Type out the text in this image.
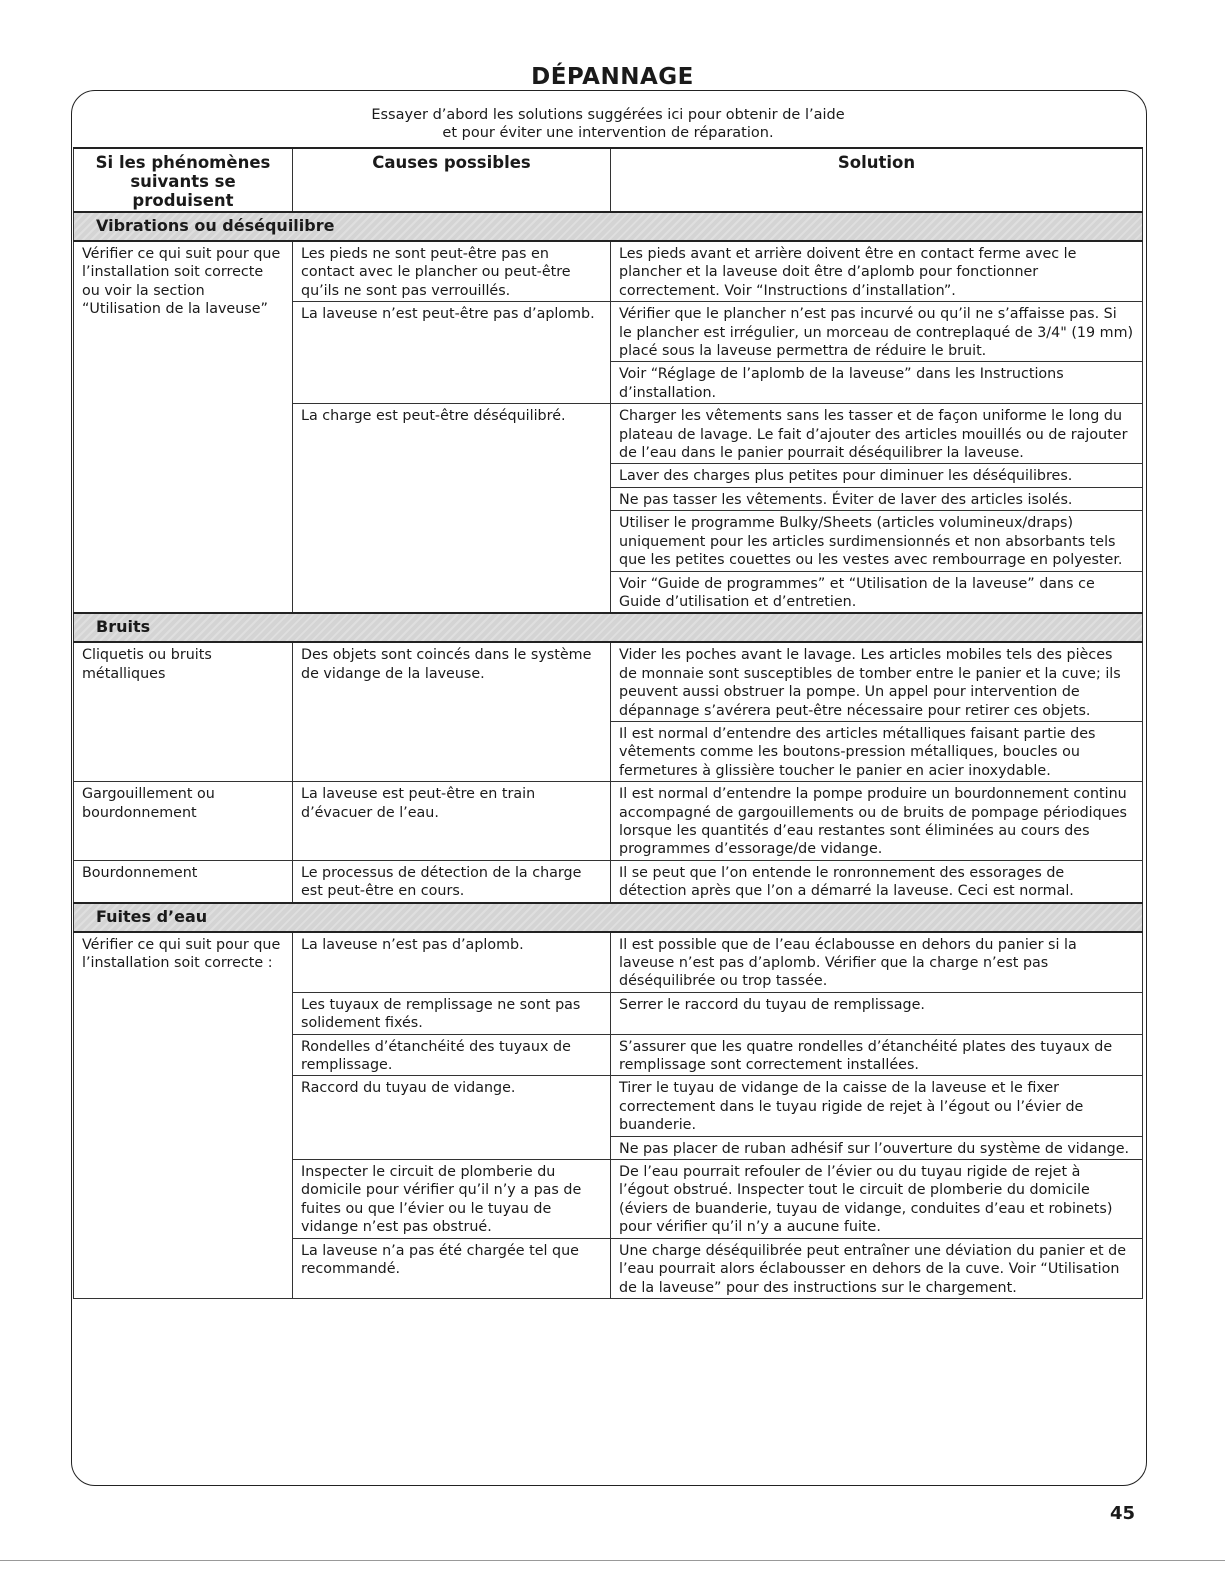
DÉPANNAGE
Essayer d’abord les solutions suggérées ici pour obtenir de l’aide
et pour éviter une intervention de réparation.
Si les phénomènes
suivants se produisent	Causes possibles	Solution
Vibrations ou déséquilibre		
Vérifier ce qui suit pour que l’installation soit correcte ou voir la section “Utilisation de la laveuse”	Les pieds ne sont peut-être pas en contact avec le plancher ou peut-être qu’ils ne sont pas verrouillés.	Les pieds avant et arrière doivent être en contact ferme avec le plancher et la laveuse doit être d’aplomb pour fonctionner correctement. Voir “Instructions d’installation”.
	La laveuse n’est peut-être pas d’aplomb.	Vérifier que le plancher n’est pas incurvé ou qu’il ne s’affaisse pas. Si le plancher est irrégulier, un morceau de contreplaqué de 3/4" (19 mm) placé sous la laveuse permettra de réduire le bruit.
		Voir “Réglage de l’aplomb de la laveuse” dans les Instructions d’installation.
	La charge est peut-être déséquilibré.	Charger les vêtements sans les tasser et de façon uniforme le long du plateau de lavage. Le fait d’ajouter des articles mouillés ou de rajouter de l’eau dans le panier pourrait déséquilibrer la laveuse.
		Laver des charges plus petites pour diminuer les déséquilibres.
		Ne pas tasser les vêtements. Éviter de laver des articles isolés.
		Utiliser le programme Bulky/Sheets (articles volumineux/draps) uniquement pour les articles surdimensionnés et non absorbants tels que les petites couettes ou les vestes avec rembourrage en polyester.
		Voir “Guide de programmes” et “Utilisation de la laveuse” dans ce Guide d’utilisation et d’entretien.
Bruits		
Cliquetis ou bruits métalliques	Des objets sont coincés dans le système de vidange de la laveuse.	Vider les poches avant le lavage. Les articles mobiles tels des pièces de monnaie sont susceptibles de tomber entre le panier et la cuve; ils peuvent aussi obstruer la pompe. Un appel pour intervention de dépannage s’avérera peut-être nécessaire pour retirer ces objets.
		Il est normal d’entendre des articles métalliques faisant partie des vêtements comme les boutons-pression métalliques, boucles ou fermetures à glissière toucher le panier en acier inoxydable.
Gargouillement ou bourdonnement	La laveuse est peut-être en train d’évacuer de l’eau.	Il est normal d’entendre la pompe produire un bourdonnement continu accompagné de gargouillements ou de bruits de pompage périodiques lorsque les quantités d’eau restantes sont éliminées au cours des programmes d’essorage/de vidange.
Bourdonnement	Le processus de détection de la charge est peut-être en cours.	Il se peut que l’on entende le ronronnement des essorages de détection après que l’on a démarré la laveuse. Ceci est normal.
Fuites d’eau		
Vérifier ce qui suit pour que l’installation soit correcte :	La laveuse n’est pas d’aplomb.	Il est possible que de l’eau éclabousse en dehors du panier si la laveuse n’est pas d’aplomb. Vérifier que la charge n’est pas déséquilibrée ou trop tassée.
	Les tuyaux de remplissage ne sont pas solidement fixés.	Serrer le raccord du tuyau de remplissage.
	Rondelles d’étanchéité des tuyaux de remplissage.	S’assurer que les quatre rondelles d’étanchéité plates des tuyaux de remplissage sont correctement installées.
	Raccord du tuyau de vidange.	Tirer le tuyau de vidange de la caisse de la laveuse et le fixer correctement dans le tuyau rigide de rejet à l’égout ou l’évier de buanderie.
		Ne pas placer de ruban adhésif sur l’ouverture du système de vidange.
	Inspecter le circuit de plomberie du domicile pour vérifier qu’il n’y a pas de fuites ou que l’évier ou le tuyau de vidange n’est pas obstrué.	De l’eau pourrait refouler de l’évier ou du tuyau rigide de rejet à l’égout obstrué. Inspecter tout le circuit de plomberie du domicile (éviers de buanderie, tuyau de vidange, conduites d’eau et robinets) pour vérifier qu’il n’y a aucune fuite.
	La laveuse n’a pas été chargée tel que recommandé.	Une charge déséquilibrée peut entraîner une déviation du panier et de l’eau pourrait alors éclabousser en dehors de la cuve. Voir “Utilisation de la laveuse” pour des instructions sur le chargement.
45
